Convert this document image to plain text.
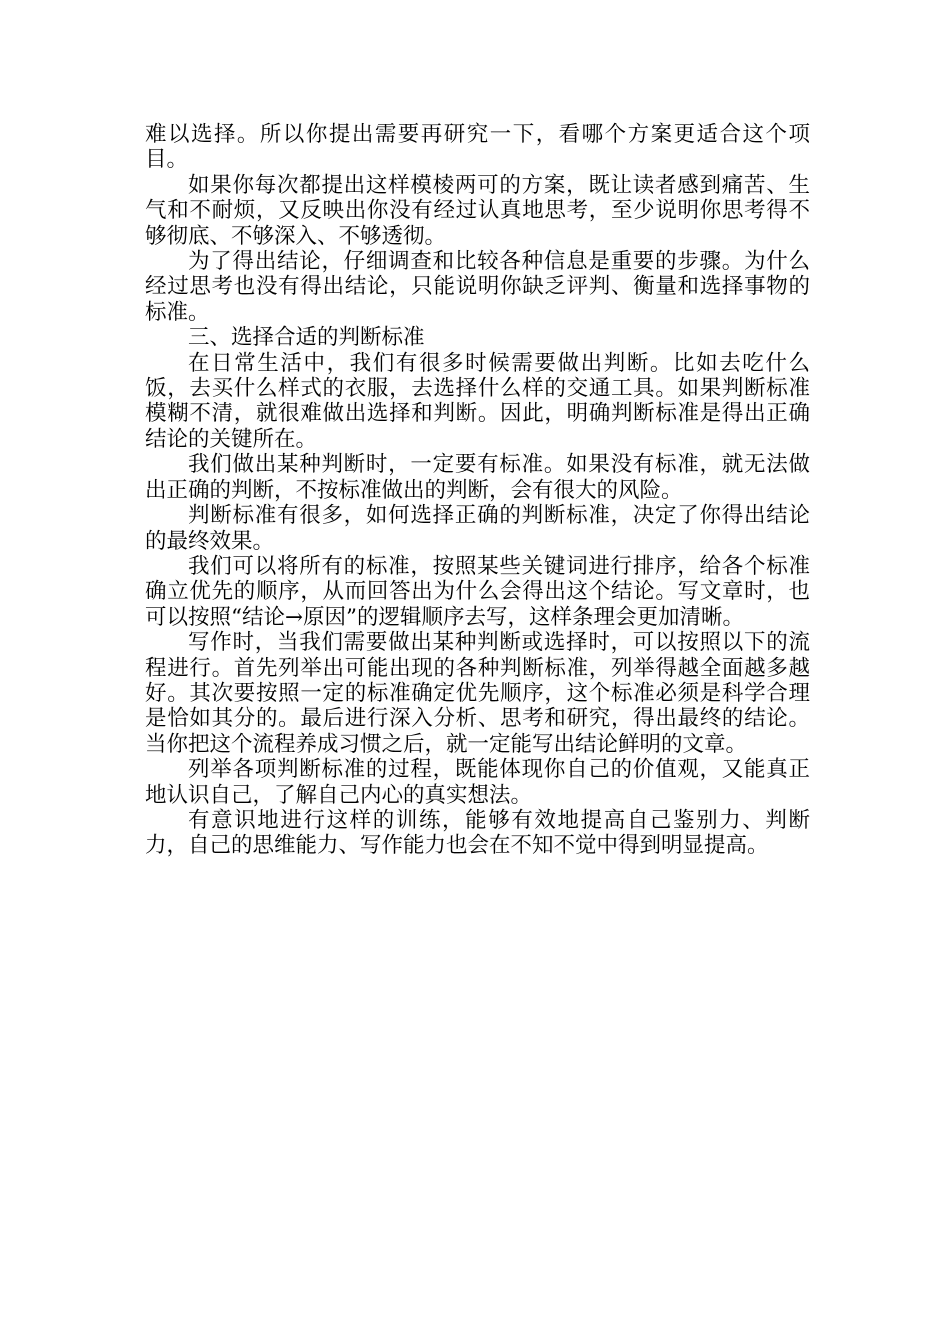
难以选择。所以你提出需要再研究一下，看哪个方案更适合这个项目。

如果你每次都提出这样模棱两可的方案，既让读者感到痛苦、生气和不耐烦，又反映出你没有经过认真地思考，至少说明你思考得不够彻底、不够深入、不够透彻。

为了得出结论，仔细调查和比较各种信息是重要的步骤。为什么经过思考也没有得出结论，只能说明你缺乏评判、衡量和选择事物的标准。

三、选择合适的判断标准

在日常生活中，我们有很多时候需要做出判断。比如去吃什么饭，去买什么样式的衣服，去选择什么样的交通工具。如果判断标准模糊不清，就很难做出选择和判断。因此，明确判断标准是得出正确结论的关键所在。

我们做出某种判断时，一定要有标准。如果没有标准，就无法做出正确的判断，不按标准做出的判断，会有很大的风险。

判断标准有很多，如何选择正确的判断标准，决定了你得出结论的最终效果。

我们可以将所有的标准，按照某些关键词进行排序，给各个标准确立优先的顺序，从而回答出为什么会得出这个结论。写文章时，也可以按照“结论→原因”的逻辑顺序去写，这样条理会更加清晰。

写作时，当我们需要做出某种判断或选择时，可以按照以下的流程进行。首先列举出可能出现的各种判断标准，列举得越全面越多越好。其次要按照一定的标准确定优先顺序，这个标准必须是科学合理是恰如其分的。最后进行深入分析、思考和研究，得出最终的结论。当你把这个流程养成习惯之后，就一定能写出结论鲜明的文章。

列举各项判断标准的过程，既能体现你自己的价值观，又能真正地认识自己，了解自己内心的真实想法。

有意识地进行这样的训练，能够有效地提高自己鉴别力、判断力，自己的思维能力、写作能力也会在不知不觉中得到明显提高。
